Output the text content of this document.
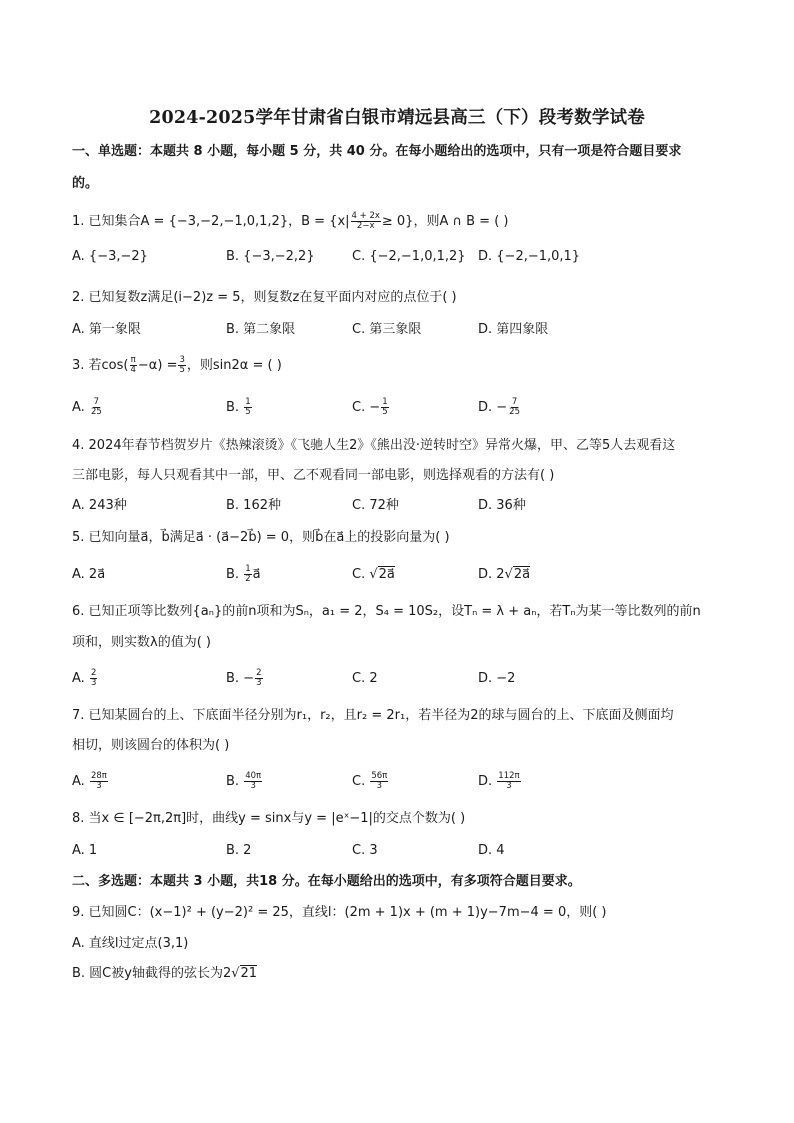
2024-2025学年甘肃省白银市靖远县高三（下）段考数学试卷
一、单选题：本题共 8 小题，每小题 5 分，共 40 分。在每小题给出的选项中，只有一项是符合题目要求
的。
1. 已知集合A = {−3,−2,−1,0,1,2}，$B = \{x| \frac{4 + 2x}{2-x} \ge 0\}$，则A ∩ B = ( )
A. {−3,−2}	B. {−3,−2,2}	C. {−2,−1,0,1,2} D. {−2,−1,0,1}
2. 已知复数z满足(i−2)z = 5，则复数z在复平面内对应的点位于( )
A. 第一象限	B. 第二象限	C. 第三象限	D. 第四象限
3. 若$\cos( \frac{\pi}{4} -\alpha) = \frac{3}{5}$ ，则sin2α = ( )
A. $\frac{7}{25}$	B. $\frac{1}{5}$	C. − $\frac{1}{5}$	D. − $\frac{7}{25}$
4. 2024年春节档贺岁片《热辣滚烫》《飞驰人生2》《熊出没·逆转时空》异常火爆，甲、乙等5人去观看这
三部电影，每人只观看其中一部，甲、乙不观看同一部电影，则选择观看的方法有( )
A. 243种	B. 162种	C. 72种	D. 36种
5. 已知向量a⃗，b⃗满足a⃗ · (a⃗−2b⃗) = 0，则b⃗在a⃗上的投影向量为( )
A. 2a⃗	B. $\frac{1}{2}$ a⃗	C. √2a⃗	D. 2√2a⃗
6. 已知正项等比数列{aₙ}的前n项和为Sₙ，a₁ = 2，S₄ = 10S₂，设Tₙ = λ + aₙ，若Tₙ为某一等比数列的前n
项和，则实数λ的值为( )
A. $\frac{2}{3}$	B. − $\frac{2}{3}$	C. 2	D. −2
7. 已知某圆台的上、下底面半径分别为r₁，r₂，且r₂ = 2r₁，若半径为2的球与圆台的上、下底面及侧面均
相切，则该圆台的体积为( )
A. $\frac{28\pi}{3}$	B. $\frac{40\pi}{3}$	C. $\frac{56\pi}{3}$	D. $\frac{112\pi}{3}$
8. 当x ∈ [−2π,2π]时，曲线y = sinx与y = |eˣ−1|的交点个数为( )
A. 1	B. 2	C. 3	D. 4
二、多选题：本题共 3 小题，共18 分。在每小题给出的选项中，有多项符合题目要求。
9. 已知圆C：(x−1)² + (y−2)² = 25，直线l：(2m + 1)x + (m + 1)y−7m−4 = 0，则( )
A. 直线l过定点(3,1)
B. 圆C被y轴截得的弦长为2√21
